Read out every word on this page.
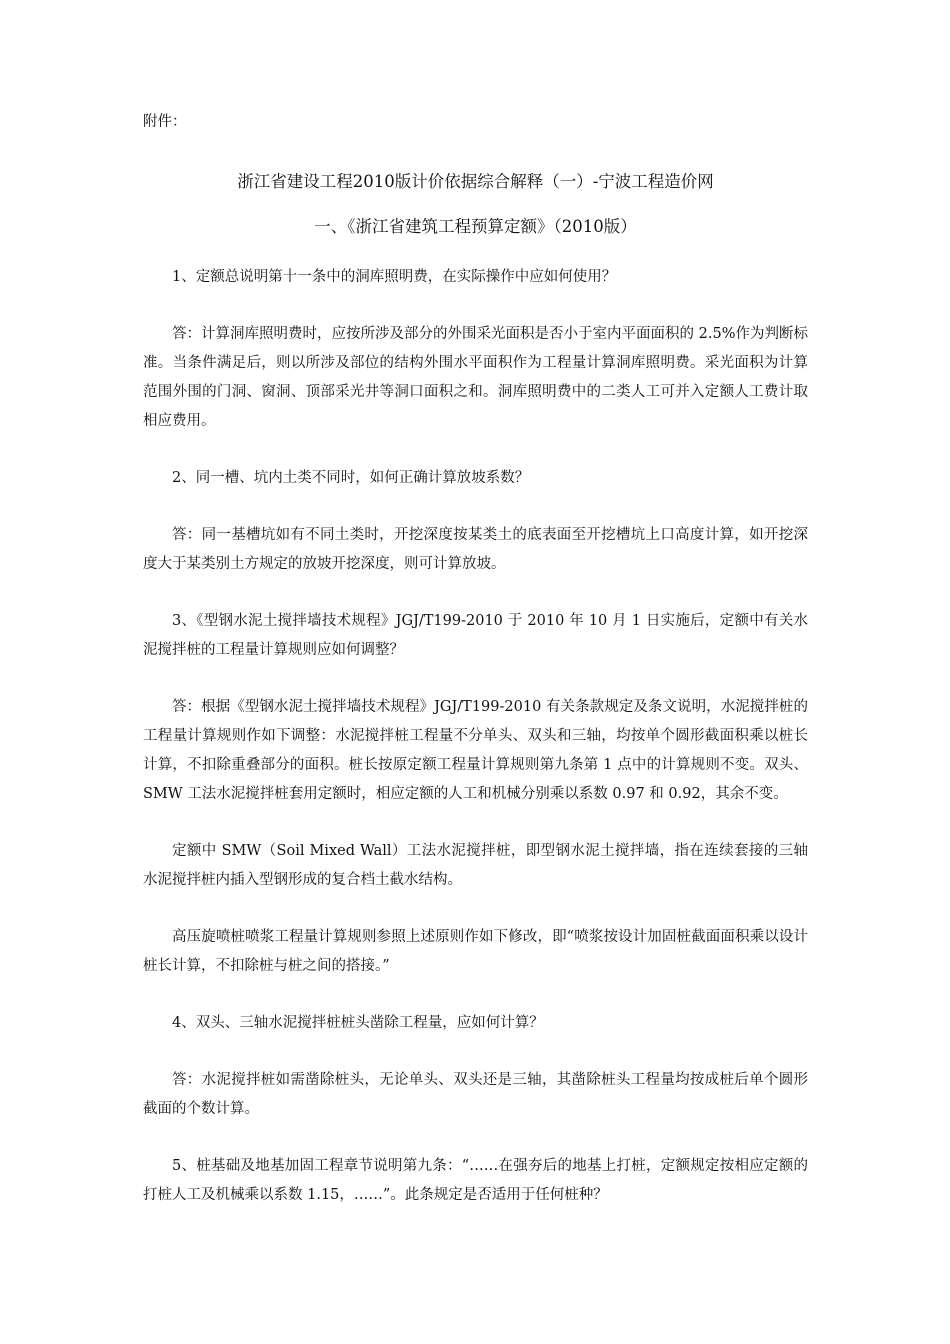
附件：

浙江省建设工程2010版计价依据综合解释（一）-宁波工程造价网

一、《浙江省建筑工程预算定额》（2010版）

1、定额总说明第十一条中的洞库照明费，在实际操作中应如何使用？

答：计算洞库照明费时，应按所涉及部分的外围采光面积是否小于室内平面面积的 2.5%作为判断标准。当条件满足后，则以所涉及部位的结构外围水平面积作为工程量计算洞库照明费。采光面积为计算范围外围的门洞、窗洞、顶部采光井等洞口面积之和。洞库照明费中的二类人工可并入定额人工费计取相应费用。

2、同一槽、坑内土类不同时，如何正确计算放坡系数？

答：同一基槽坑如有不同土类时，开挖深度按某类土的底表面至开挖槽坑上口高度计算，如开挖深度大于某类别土方规定的放坡开挖深度，则可计算放坡。

3、《型钢水泥土搅拌墙技术规程》JGJ/T199-2010 于 2010 年 10 月 1 日实施后，定额中有关水泥搅拌桩的工程量计算规则应如何调整？

答：根据《型钢水泥土搅拌墙技术规程》JGJ/T199-2010 有关条款规定及条文说明，水泥搅拌桩的工程量计算规则作如下调整：水泥搅拌桩工程量不分单头、双头和三轴，均按单个圆形截面积乘以桩长计算，不扣除重叠部分的面积。桩长按原定额工程量计算规则第九条第 1 点中的计算规则不变。双头、SMW 工法水泥搅拌桩套用定额时，相应定额的人工和机械分别乘以系数 0.97 和 0.92，其余不变。

定额中 SMW（Soil Mixed Wall）工法水泥搅拌桩，即型钢水泥土搅拌墙，指在连续套接的三轴水泥搅拌桩内插入型钢形成的复合档土截水结构。

高压旋喷桩喷浆工程量计算规则参照上述原则作如下修改，即“喷浆按设计加固桩截面面积乘以设计桩长计算，不扣除桩与桩之间的搭接。”

4、双头、三轴水泥搅拌桩桩头凿除工程量，应如何计算？

答：水泥搅拌桩如需凿除桩头，无论单头、双头还是三轴，其凿除桩头工程量均按成桩后单个圆形截面的个数计算。

5、桩基础及地基加固工程章节说明第九条：“……在强夯后的地基上打桩，定额规定按相应定额的打桩人工及机械乘以系数 1.15，……”。此条规定是否适用于任何桩种？
